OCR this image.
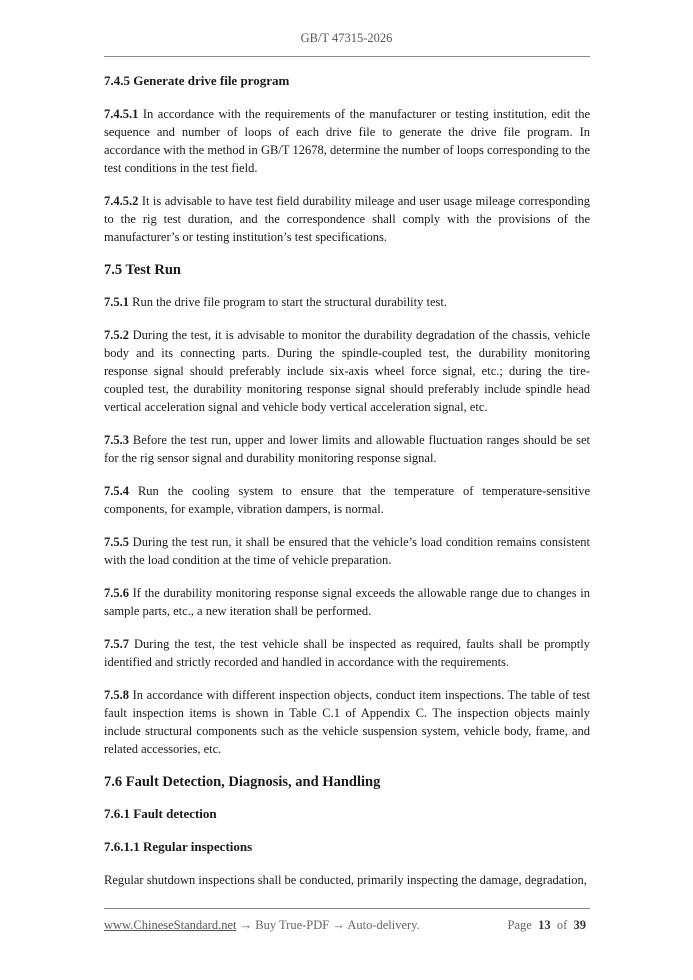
GB/T 47315-2026
7.4.5 Generate drive file program

7.4.5.1 In accordance with the requirements of the manufacturer or testing institution, edit the sequence and number of loops of each drive file to generate the drive file program. In accordance with the method in GB/T 12678, determine the number of loops corresponding to the test conditions in the test field.

7.4.5.2 It is advisable to have test field durability mileage and user usage mileage corresponding to the rig test duration, and the correspondence shall comply with the provisions of the manufacturer’s or testing institution’s test specifications.

7.5 Test Run

7.5.1 Run the drive file program to start the structural durability test.

7.5.2 During the test, it is advisable to monitor the durability degradation of the chassis, vehicle body and its connecting parts. During the spindle-coupled test, the durability monitoring response signal should preferably include six-axis wheel force signal, etc.; during the tire-coupled test, the durability monitoring response signal should preferably include spindle head vertical acceleration signal and vehicle body vertical acceleration signal, etc.

7.5.3 Before the test run, upper and lower limits and allowable fluctuation ranges should be set for the rig sensor signal and durability monitoring response signal.

7.5.4 Run the cooling system to ensure that the temperature of temperature-sensitive components, for example, vibration dampers, is normal.

7.5.5 During the test run, it shall be ensured that the vehicle’s load condition remains consistent with the load condition at the time of vehicle preparation.

7.5.6 If the durability monitoring response signal exceeds the allowable range due to changes in sample parts, etc., a new iteration shall be performed.

7.5.7 During the test, the test vehicle shall be inspected as required, faults shall be promptly identified and strictly recorded and handled in accordance with the requirements.

7.5.8 In accordance with different inspection objects, conduct item inspections. The table of test fault inspection items is shown in Table C.1 of Appendix C. The inspection objects mainly include structural components such as the vehicle suspension system, vehicle body, frame, and related accessories, etc.

7.6 Fault Detection, Diagnosis, and Handling
7.6.1 Fault detection
7.6.1.1 Regular inspections

Regular shutdown inspections shall be conducted, primarily inspecting the damage, degradation,

www.ChineseStandard.net → Buy True-PDF → Auto-delivery.	Page 13 of 39
